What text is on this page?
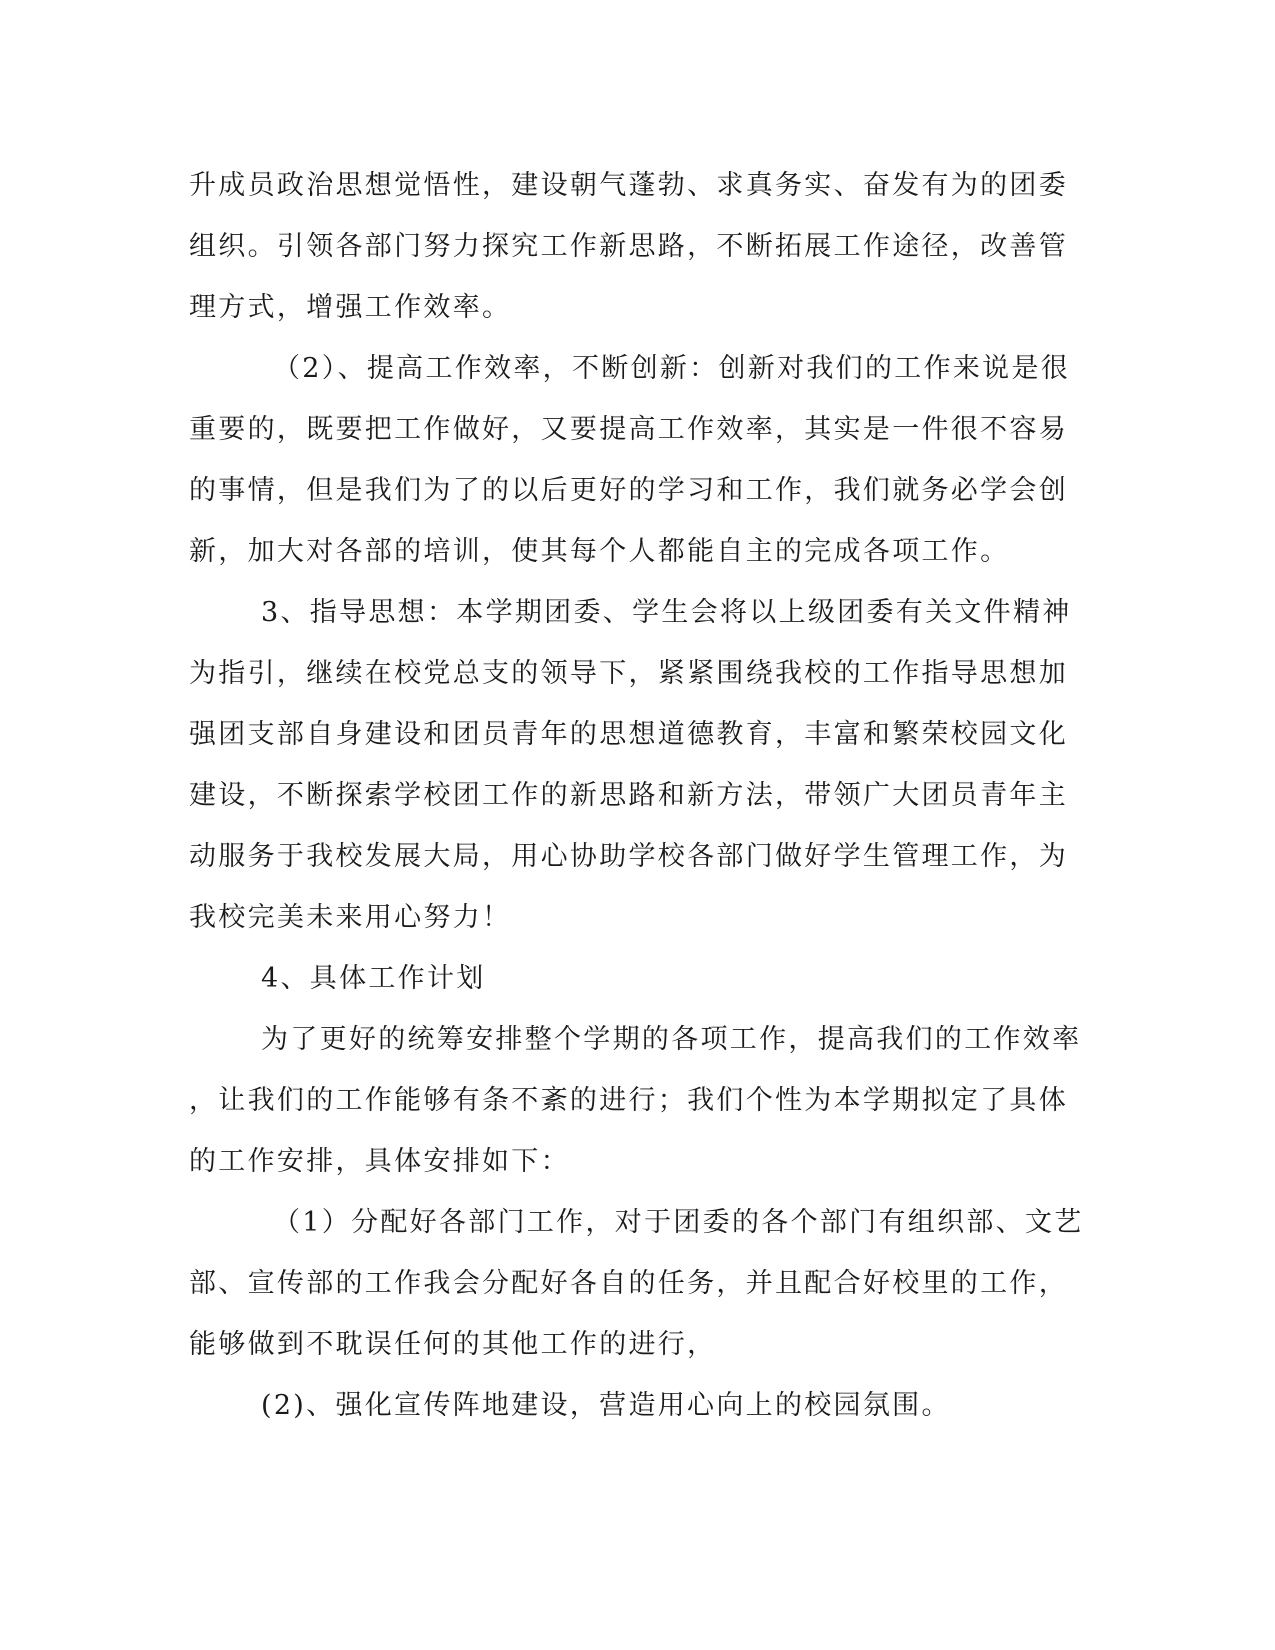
升成员政治思想觉悟性，建设朝气蓬勃、求真务实、奋发有为的团委
组织。引领各部门努力探究工作新思路，不断拓展工作途径，改善管
理方式，增强工作效率。
（2）、提高工作效率，不断创新：创新对我们的工作来说是很
重要的，既要把工作做好，又要提高工作效率，其实是一件很不容易
的事情，但是我们为了的以后更好的学习和工作，我们就务必学会创
新，加大对各部的培训，使其每个人都能自主的完成各项工作。
3、指导思想：本学期团委、学生会将以上级团委有关文件精神
为指引，继续在校党总支的领导下，紧紧围绕我校的工作指导思想加
强团支部自身建设和团员青年的思想道德教育，丰富和繁荣校园文化
建设，不断探索学校团工作的新思路和新方法，带领广大团员青年主
动服务于我校发展大局，用心协助学校各部门做好学生管理工作，为
我校完美未来用心努力！
4、具体工作计划
为了更好的统筹安排整个学期的各项工作，提高我们的工作效率
，让我们的工作能够有条不紊的进行；我们个性为本学期拟定了具体
的工作安排，具体安排如下：
（1）分配好各部门工作，对于团委的各个部门有组织部、文艺
部、宣传部的工作我会分配好各自的任务，并且配合好校里的工作，
能够做到不耽误任何的其他工作的进行，
(2)、强化宣传阵地建设，营造用心向上的校园氛围。
